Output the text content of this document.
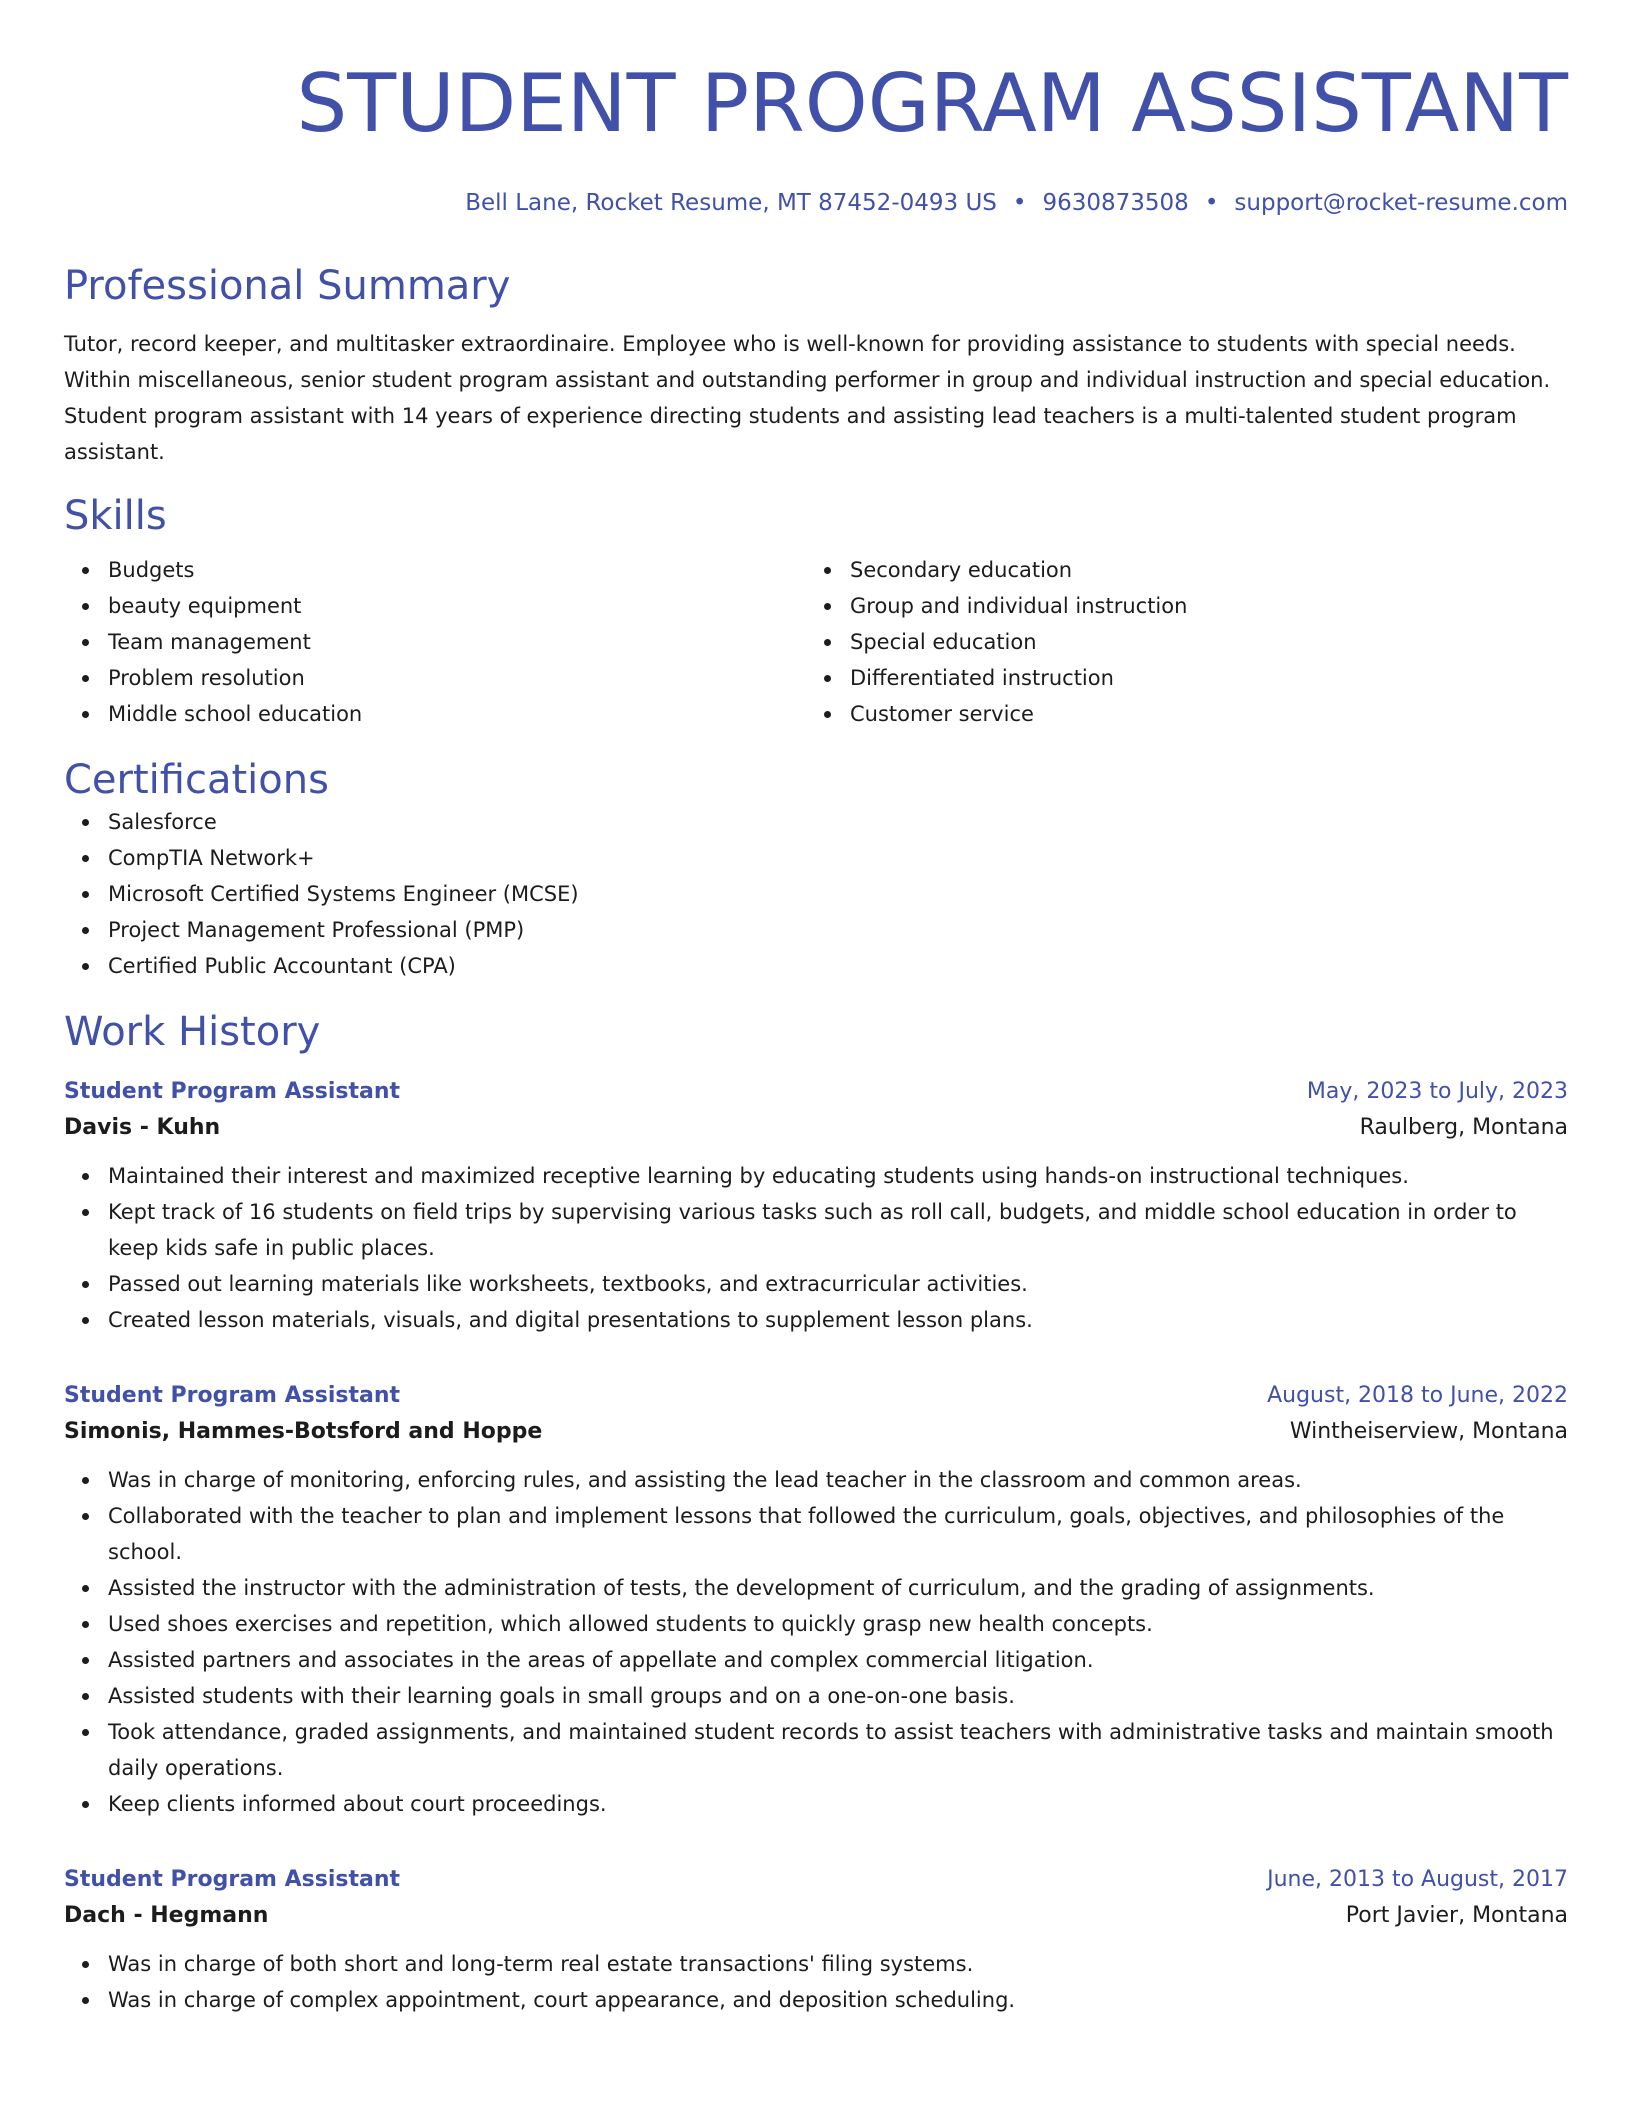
STUDENT PROGRAM ASSISTANT
Bell Lane, Rocket Resume, MT 87452-0493 US • 9630873508 • support@rocket-resume.com
Professional Summary
Tutor, record keeper, and multitasker extraordinaire. Employee who is well-known for providing assistance to students with special needs. Within miscellaneous, senior student program assistant and outstanding performer in group and individual instruction and special education. Student program assistant with 14 years of experience directing students and assisting lead teachers is a multi-talented student program assistant.
Skills
Budgets
beauty equipment
Team management
Problem resolution
Middle school education
Secondary education
Group and individual instruction
Special education
Differentiated instruction
Customer service
Certifications
Salesforce
CompTIA Network+
Microsoft Certified Systems Engineer (MCSE)
Project Management Professional (PMP)
Certified Public Accountant (CPA)
Work History
Student Program Assistant	May, 2023 to July, 2023
Davis - Kuhn	Raulberg, Montana
Maintained their interest and maximized receptive learning by educating students using hands-on instructional techniques.
Kept track of 16 students on field trips by supervising various tasks such as roll call, budgets, and middle school education in order to keep kids safe in public places.
Passed out learning materials like worksheets, textbooks, and extracurricular activities.
Created lesson materials, visuals, and digital presentations to supplement lesson plans.
Student Program Assistant	August, 2018 to June, 2022
Simonis, Hammes-Botsford and Hoppe	Wintheiserview, Montana
Was in charge of monitoring, enforcing rules, and assisting the lead teacher in the classroom and common areas.
Collaborated with the teacher to plan and implement lessons that followed the curriculum, goals, objectives, and philosophies of the school.
Assisted the instructor with the administration of tests, the development of curriculum, and the grading of assignments.
Used shoes exercises and repetition, which allowed students to quickly grasp new health concepts.
Assisted partners and associates in the areas of appellate and complex commercial litigation.
Assisted students with their learning goals in small groups and on a one-on-one basis.
Took attendance, graded assignments, and maintained student records to assist teachers with administrative tasks and maintain smooth daily operations.
Keep clients informed about court proceedings.
Student Program Assistant	June, 2013 to August, 2017
Dach - Hegmann	Port Javier, Montana
Was in charge of both short and long-term real estate transactions' filing systems.
Was in charge of complex appointment, court appearance, and deposition scheduling.
